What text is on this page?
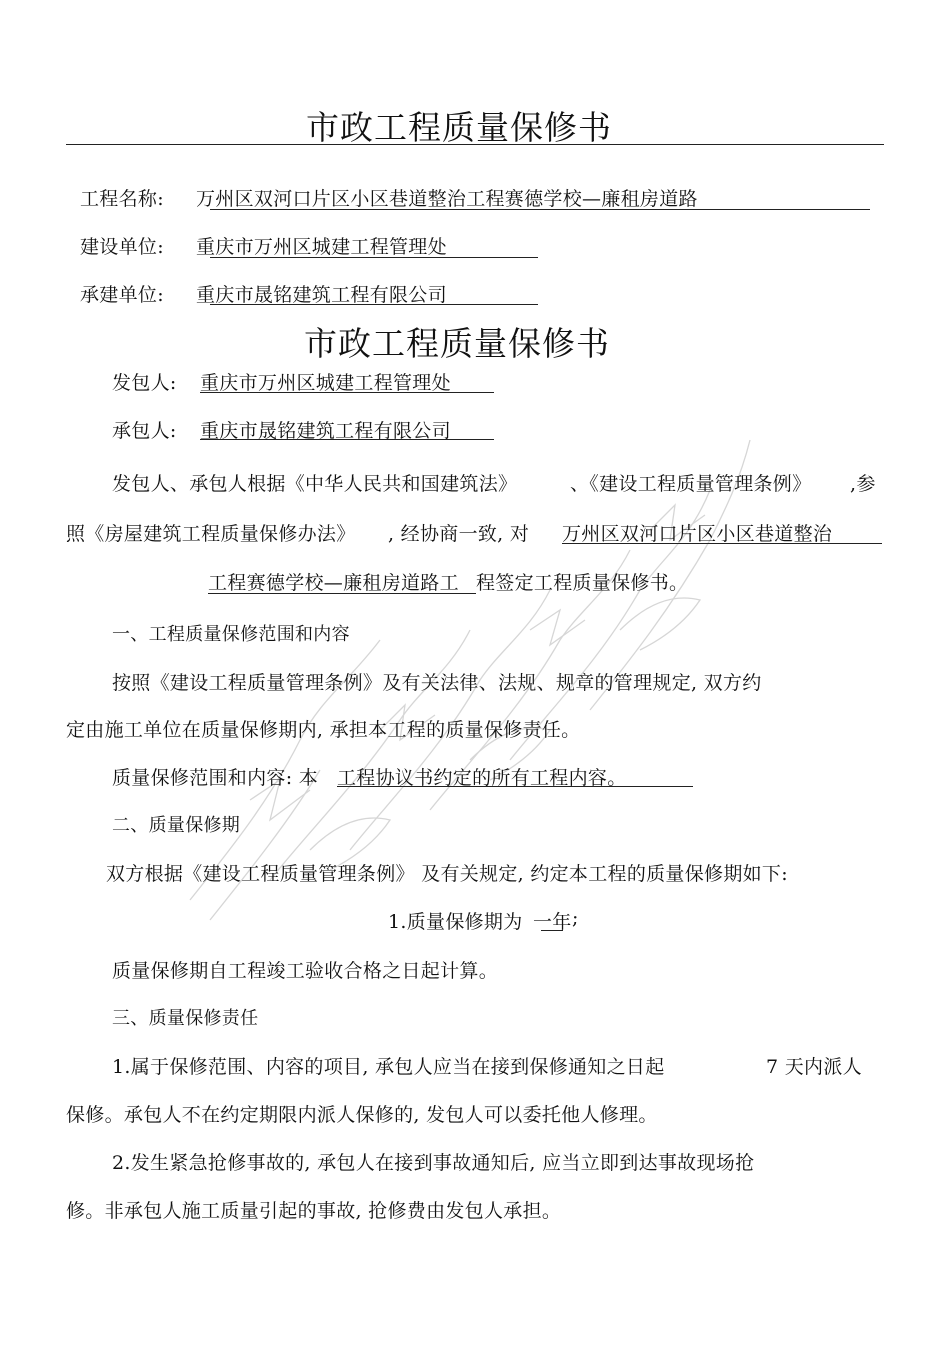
市政工程质量保修书
工程名称: 万州区双河口片区小区巷道整治工程赛德学校—廉租房道路
建设单位: 重庆市万州区城建工程管理处
承建单位: 重庆市晟铭建筑工程有限公司
市政工程质量保修书
发包人: 重庆市万州区城建工程管理处
承包人: 重庆市晟铭建筑工程有限公司
发包人、承包人根据《中华人民共和国建筑法》	、《建设工程质量管理条例》 ,参
照《房屋建筑工程质量保修办法》 , 经协商一致, 对 万州区双河口片区小区巷道整治
工程赛德学校—廉租房道路工 程签定工程质量保修书。
一、工程质量保修范围和内容
按照《建设工程质量管理条例》及有关法律、法规、规章的管理规定, 双方约
定由施工单位在质量保修期内, 承担本工程的质量保修责任。
质量保修范围和内容: 本 工程协议书约定的所有工程内容。
二、质量保修期
双方根据《建设工程质量管理条例》 及有关规定, 约定本工程的质量保修期如下:
1.质量保修期为 一年 ;
质量保修期自工程竣工验收合格之日起计算。
三、质量保修责任
1.属于保修范围、内容的项目, 承包人应当在接到保修通知之日起	7 天内派人
保修。承包人不在约定期限内派人保修的, 发包人可以委托他人修理。
2.发生紧急抢修事故的, 承包人在接到事故通知后, 应当立即到达事故现场抢
修。非承包人施工质量引起的事故, 抢修费由发包人承担。
